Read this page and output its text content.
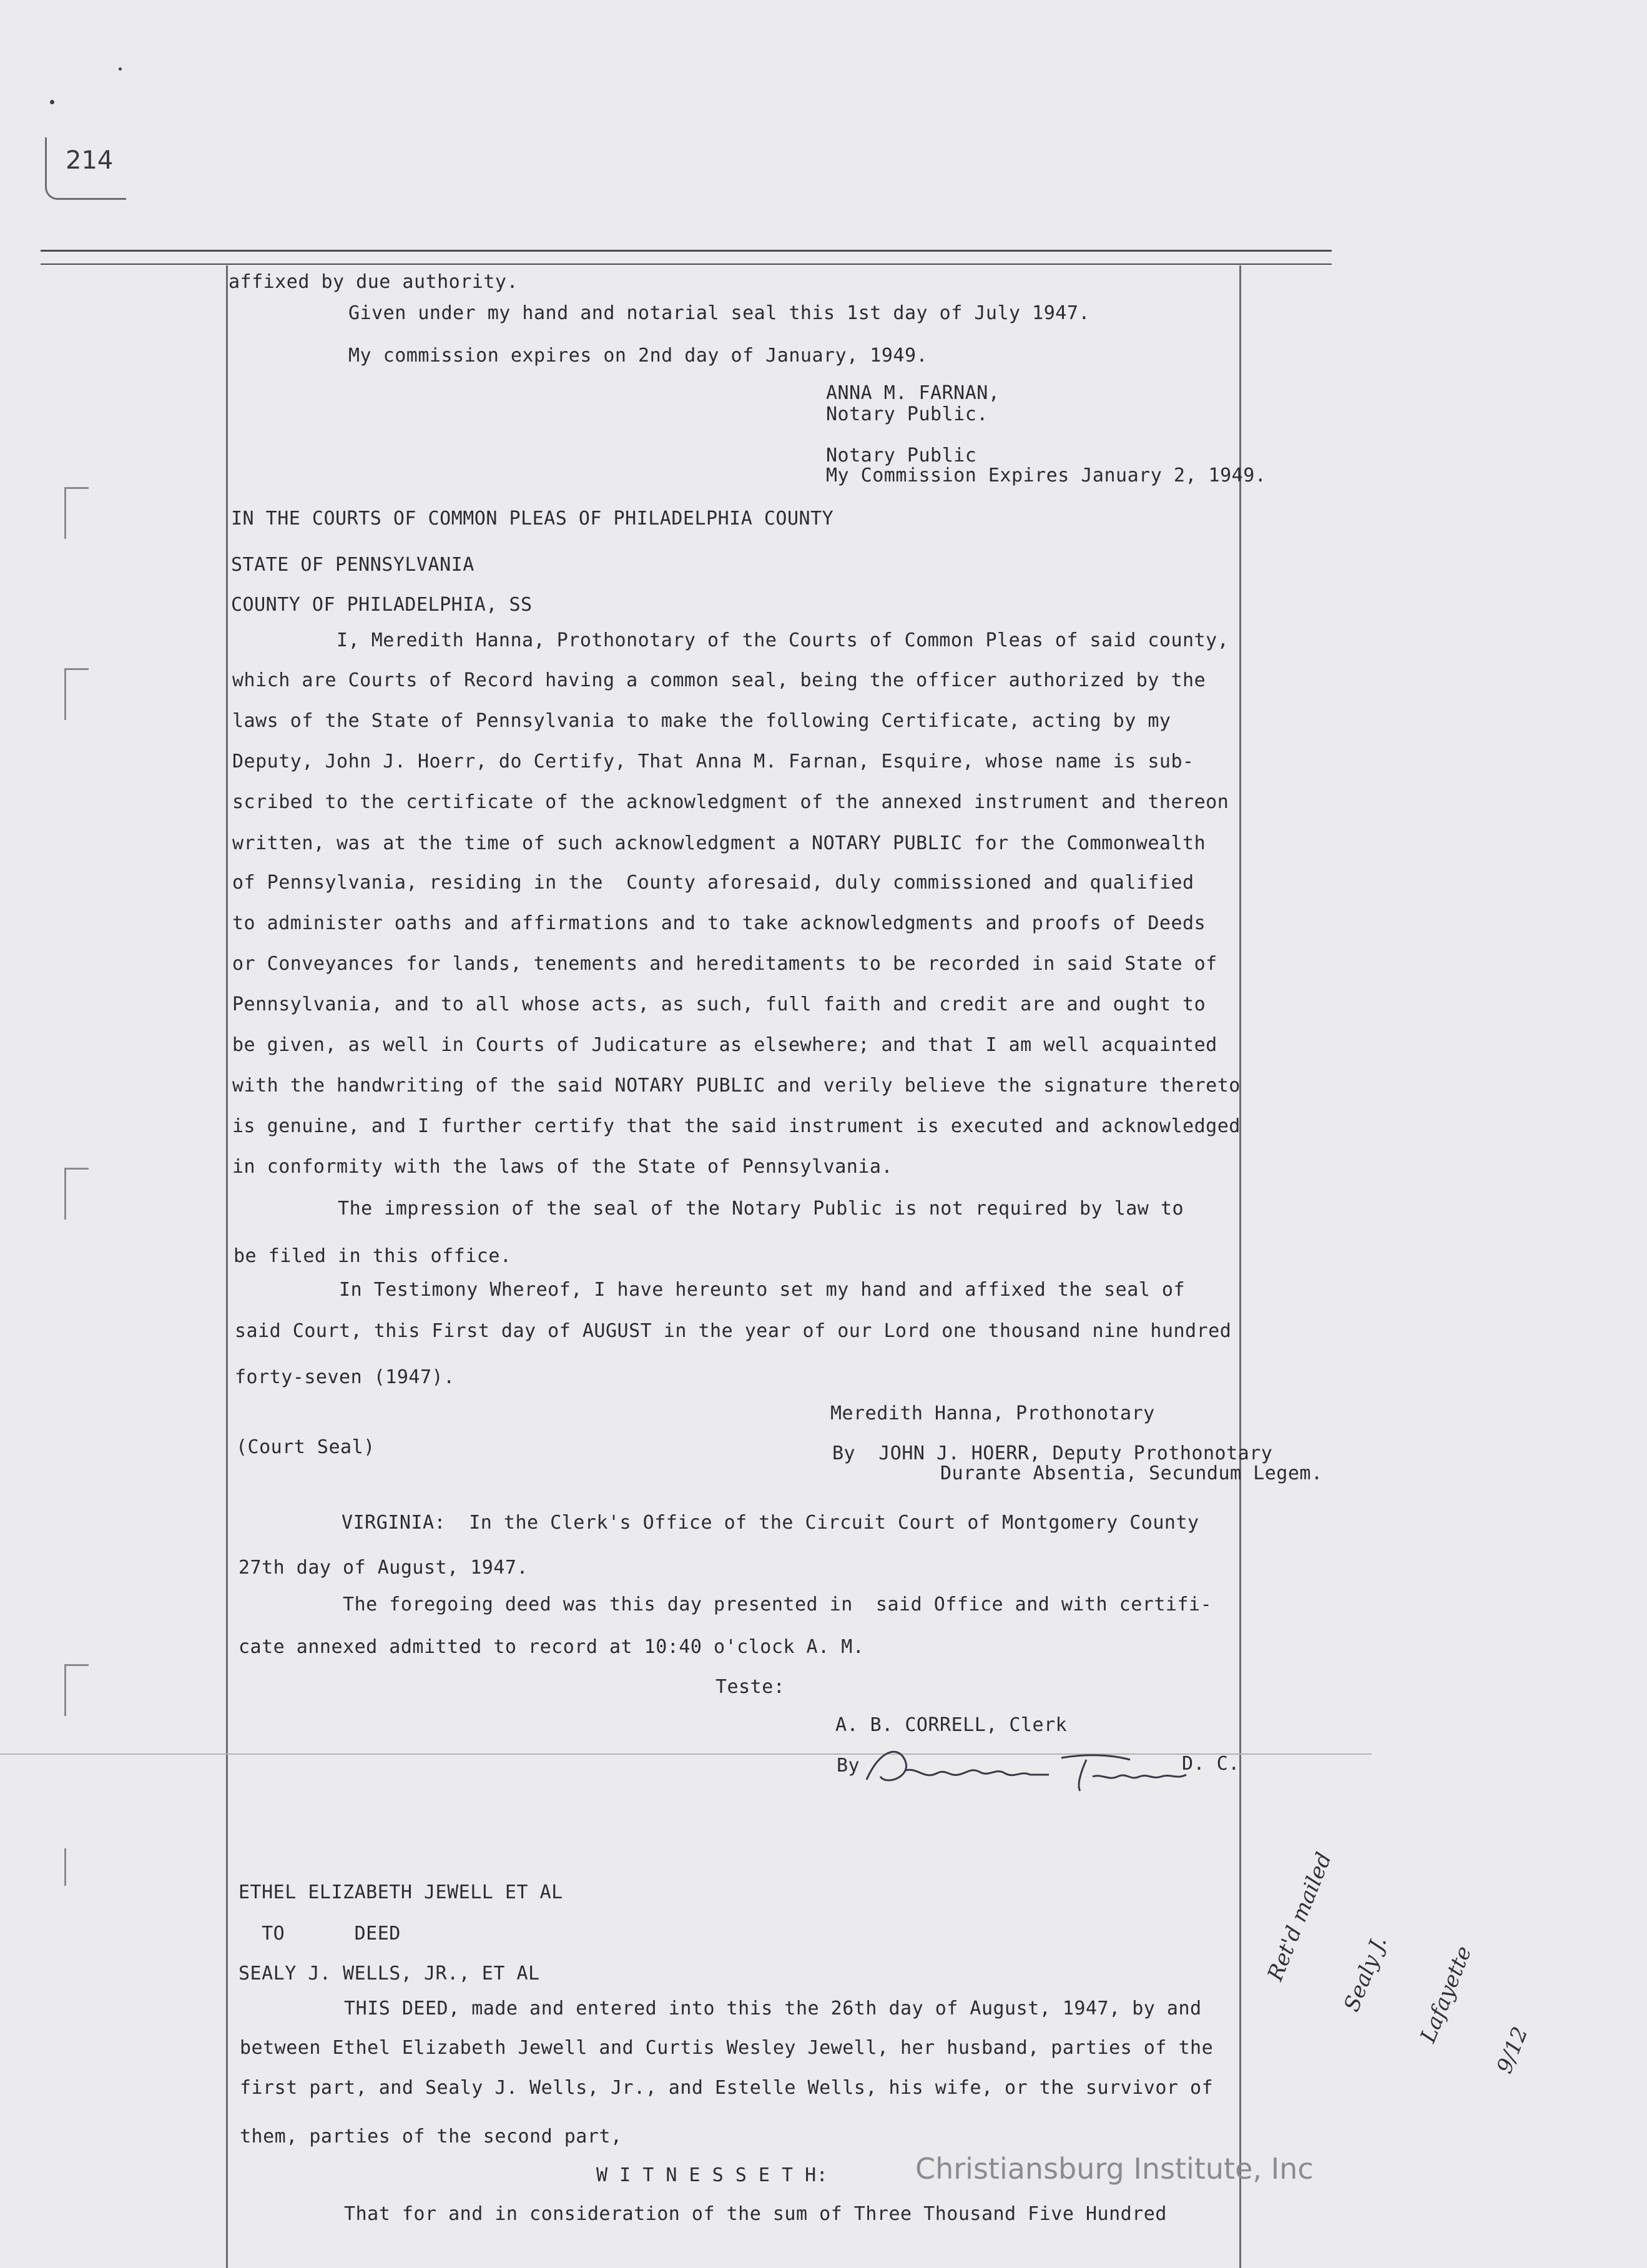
214
affixed by due authority.
Given under my hand and notarial seal this 1st day of July 1947.
My commission expires on 2nd day of January, 1949.
ANNA M. FARNAN,
Notary Public.
Notary Public
My Commission Expires January 2, 1949.
IN THE COURTS OF COMMON PLEAS OF PHILADELPHIA COUNTY
STATE OF PENNSYLVANIA
COUNTY OF PHILADELPHIA, SS
I, Meredith Hanna, Prothonotary of the Courts of Common Pleas of said county,
which are Courts of Record having a common seal, being the officer authorized by the
laws of the State of Pennsylvania to make the following Certificate, acting by my
Deputy, John J. Hoerr, do Certify, That Anna M. Farnan, Esquire, whose name is sub-
scribed to the certificate of the acknowledgment of the annexed instrument and thereon
written, was at the time of such acknowledgment a NOTARY PUBLIC for the Commonwealth
of Pennsylvania, residing in the  County aforesaid, duly commissioned and qualified
to administer oaths and affirmations and to take acknowledgments and proofs of Deeds
or Conveyances for lands, tenements and hereditaments to be recorded in said State of
Pennsylvania, and to all whose acts, as such, full faith and credit are and ought to
be given, as well in Courts of Judicature as elsewhere; and that I am well acquainted
with the handwriting of the said NOTARY PUBLIC and verily believe the signature thereto
is genuine, and I further certify that the said instrument is executed and acknowledged
in conformity with the laws of the State of Pennsylvania.
The impression of the seal of the Notary Public is not required by law to
be filed in this office.
In Testimony Whereof, I have hereunto set my hand and affixed the seal of
said Court, this First day of AUGUST in the year of our Lord one thousand nine hundred
forty-seven (1947).
Meredith Hanna, Prothonotary
(Court Seal)	By  JOHN J. HOERR, Deputy Prothonotary
Durante Absentia, Secundum Legem.
VIRGINIA:  In the Clerk's Office of the Circuit Court of Montgomery County
27th day of August, 1947.
The foregoing deed was this day presented in  said Office and with certifi-
cate annexed admitted to record at 10:40 o'clock A. M.
Teste:
A. B. CORRELL, Clerk
By	D. C.
ETHEL ELIZABETH JEWELL ET AL
TO      DEED
SEALY J. WELLS, JR., ET AL
THIS DEED, made and entered into this the 26th day of August, 1947, by and
between Ethel Elizabeth Jewell and Curtis Wesley Jewell, her husband, parties of the
first part, and Sealy J. Wells, Jr., and Estelle Wells, his wife, or the survivor of
them, parties of the second part,
W I T N E S S E T H:
That for and in consideration of the sum of Three Thousand Five Hundred

Ret'd mailed

Sealy J.

	Lafayette

9/12

Christiansburg Institute, Inc
